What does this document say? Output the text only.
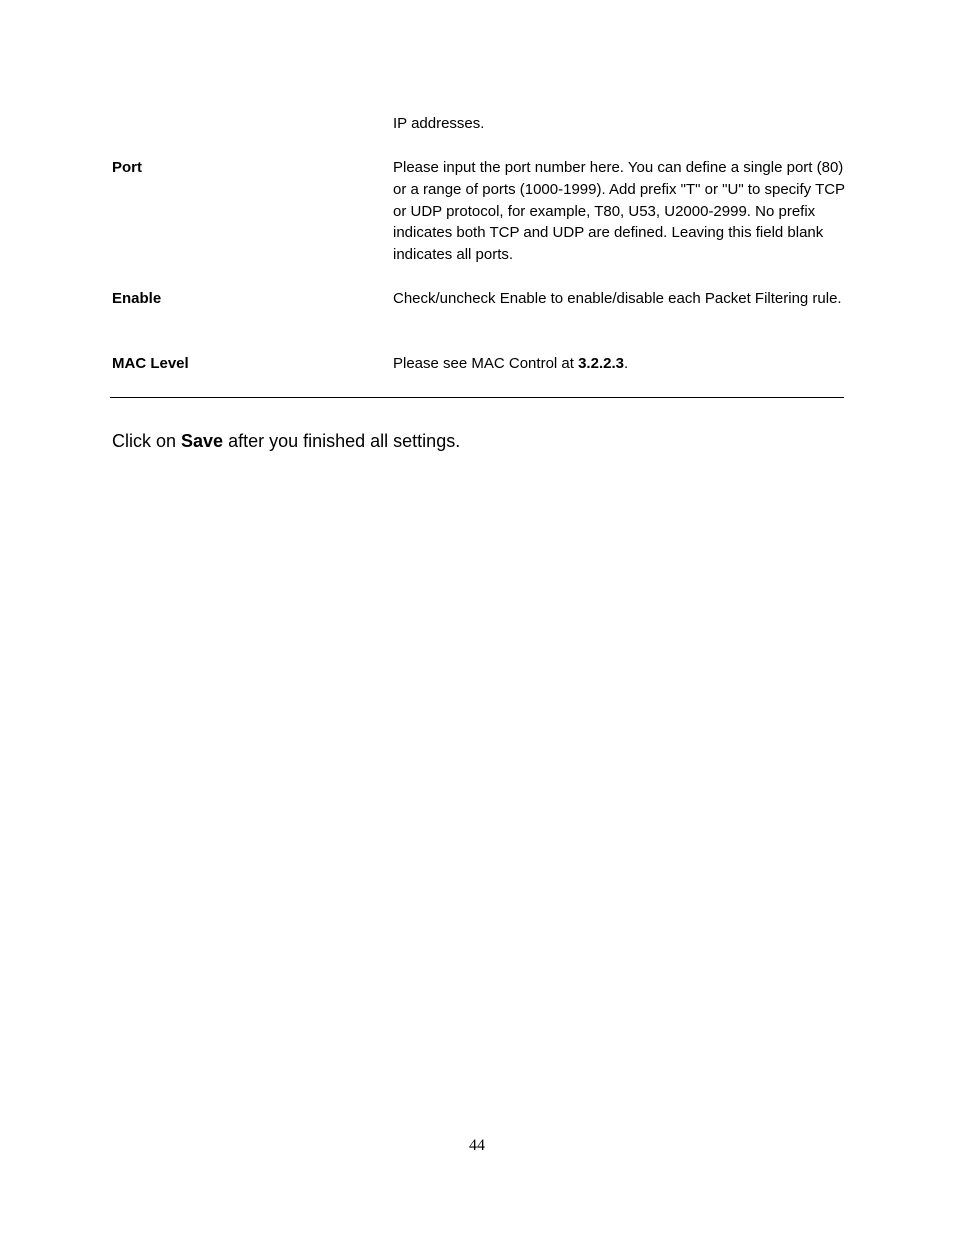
IP addresses.
Port	Please input the port number here. You can define a single port (80) or a range of ports (1000-1999). Add prefix "T" or "U" to specify TCP or UDP protocol, for example, T80, U53, U2000-2999. No prefix indicates both TCP and UDP are defined. Leaving this field blank indicates all ports.
Enable	Check/uncheck Enable to enable/disable each Packet Filtering rule.
MAC Level	Please see MAC Control at 3.2.2.3.
Click on Save after you finished all settings.
44
